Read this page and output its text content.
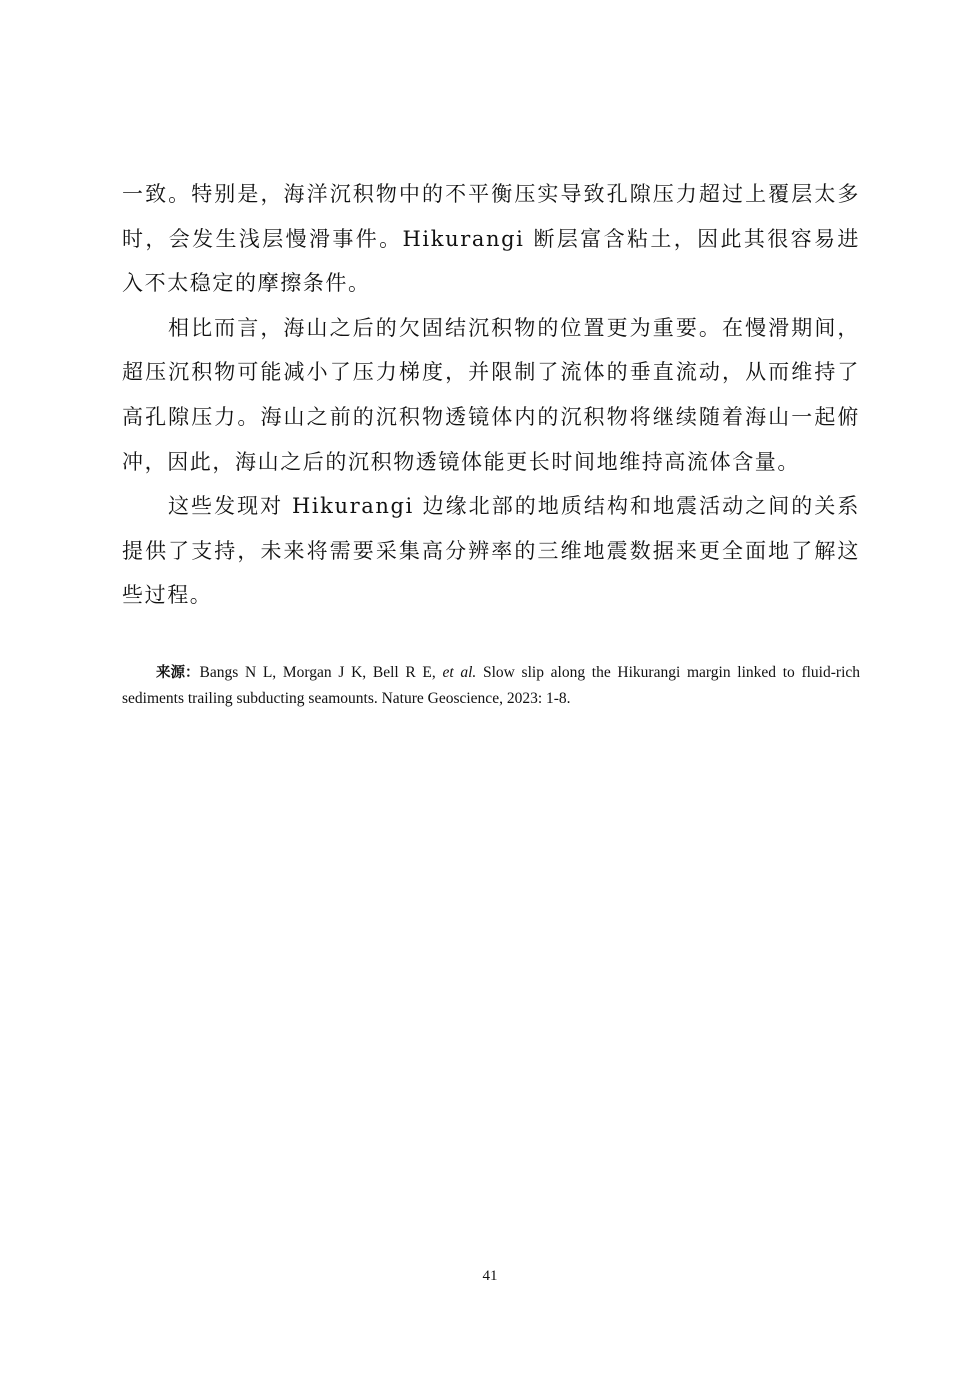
一致。特别是，海洋沉积物中的不平衡压实导致孔隙压力超过上覆层太多时，会发生浅层慢滑事件。Hikurangi 断层富含粘土，因此其很容易进入不太稳定的摩擦条件。

相比而言，海山之后的欠固结沉积物的位置更为重要。在慢滑期间，超压沉积物可能减小了压力梯度，并限制了流体的垂直流动，从而维持了高孔隙压力。海山之前的沉积物透镜体内的沉积物将继续随着海山一起俯冲，因此，海山之后的沉积物透镜体能更长时间地维持高流体含量。

这些发现对 Hikurangi 边缘北部的地质结构和地震活动之间的关系提供了支持，未来将需要采集高分辨率的三维地震数据来更全面地了解这些过程。

来源：Bangs N L, Morgan J K, Bell R E, et al. Slow slip along the Hikurangi margin linked to fluid-rich sediments trailing subducting seamounts. Nature Geoscience, 2023: 1-8.
41
